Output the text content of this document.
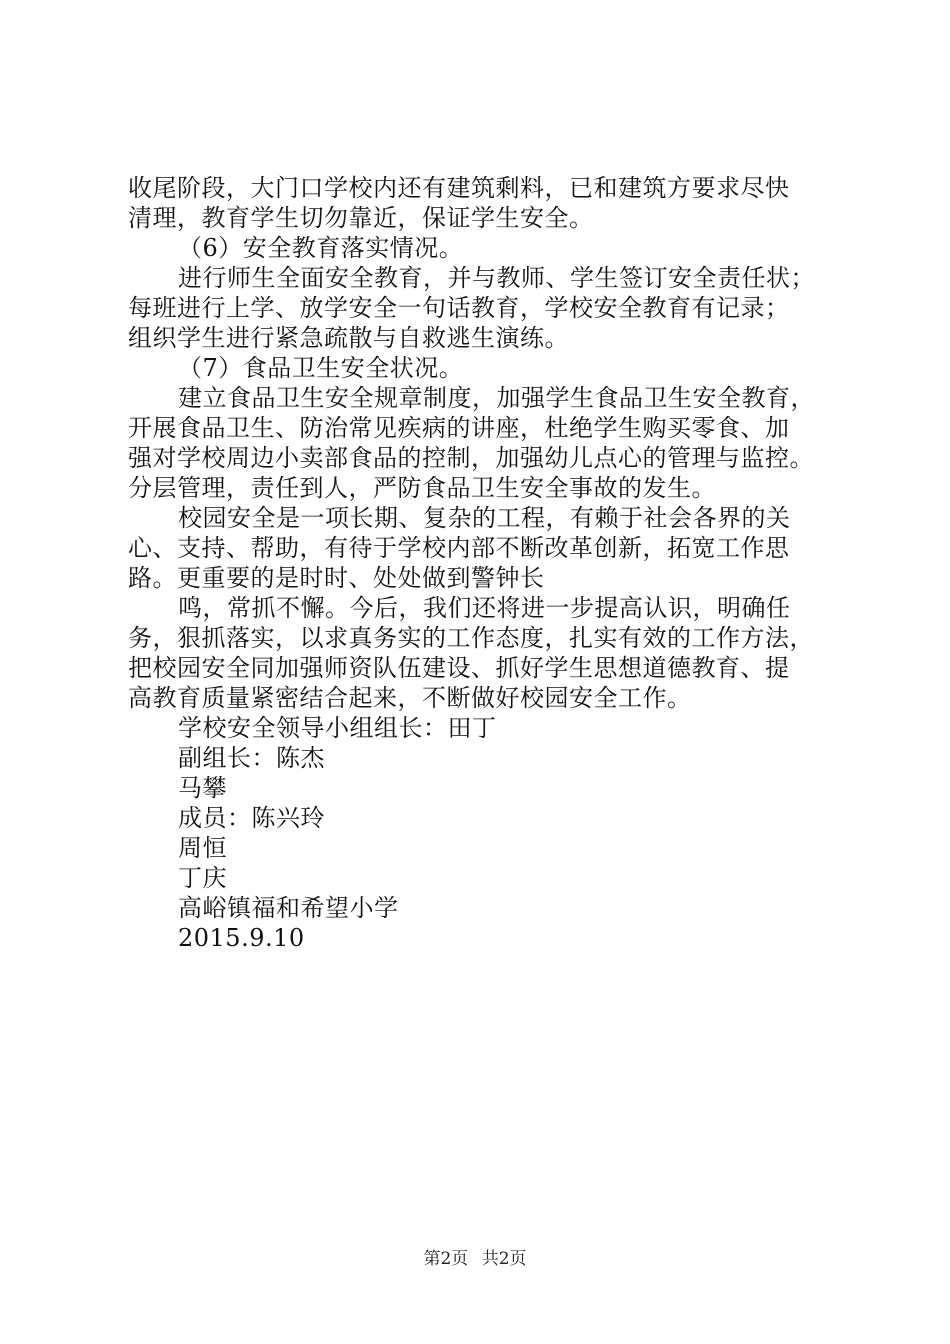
收尾阶段，大门口学校内还有建筑剩料，已和建筑方要求尽快
清理，教育学生切勿靠近，保证学生安全。
（6）安全教育落实情况。
进行师生全面安全教育，并与教师、学生签订安全责任状；
每班进行上学、放学安全一句话教育，学校安全教育有记录；
组织学生进行紧急疏散与自救逃生演练。
（7）食品卫生安全状况。
建立食品卫生安全规章制度，加强学生食品卫生安全教育，
开展食品卫生、防治常见疾病的讲座，杜绝学生购买零食、加
强对学校周边小卖部食品的控制，加强幼儿点心的管理与监控。
分层管理，责任到人，严防食品卫生安全事故的发生。
校园安全是一项长期、复杂的工程，有赖于社会各界的关
心、支持、帮助，有待于学校内部不断改革创新，拓宽工作思
路。更重要的是时时、处处做到警钟长
鸣，常抓不懈。今后，我们还将进一步提高认识，明确任
务，狠抓落实，以求真务实的工作态度，扎实有效的工作方法，
把校园安全同加强师资队伍建设、抓好学生思想道德教育、提
高教育质量紧密结合起来，不断做好校园安全工作。
学校安全领导小组组长：田丁
副组长：陈杰
马攀
成员：陈兴玲
周恒
丁庆
高峪镇福和希望小学
2015.9.10

第2页 共2页
